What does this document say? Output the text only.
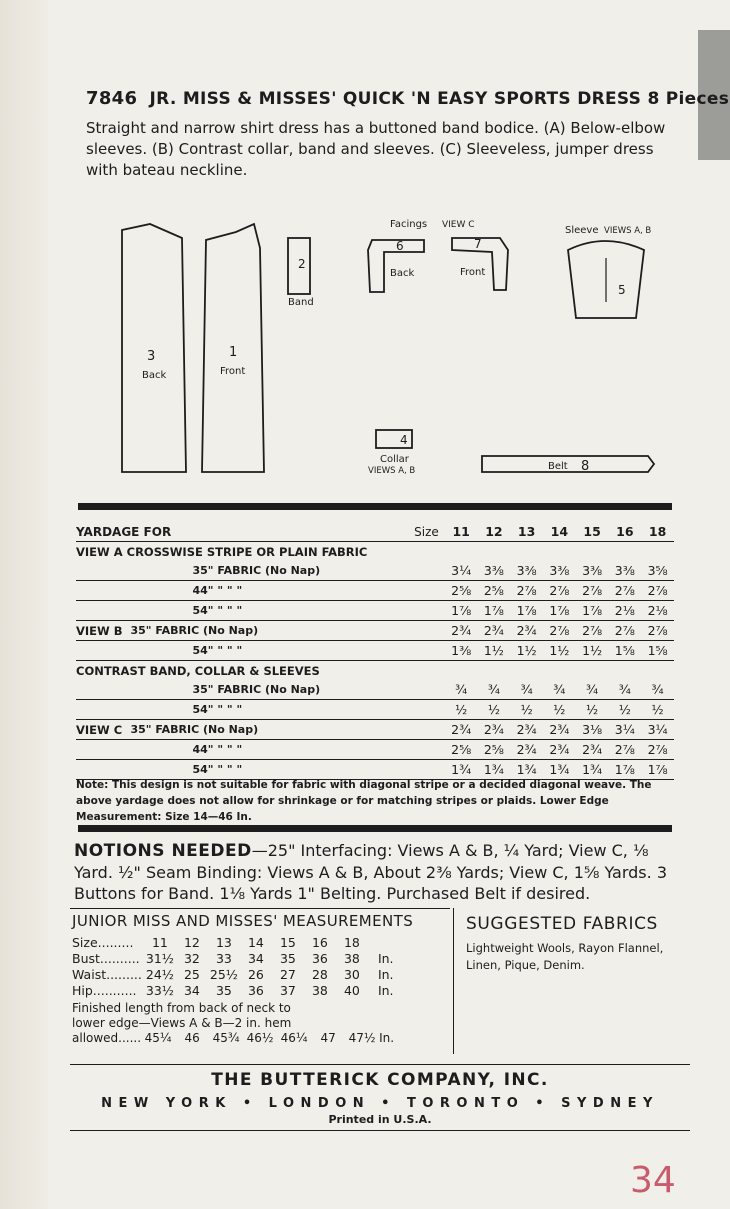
7846 JR. MISS & MISSES' QUICK 'N EASY SPORTS DRESS 8 Pieces
Straight and narrow shirt dress has a buttoned band bodice. (A) Below-elbow sleeves. (B) Contrast collar, band and sleeves. (C) Sleeveless, jumper dress with bateau neckline.
3
Back
1
Front
2
Band
Facings VIEW C
6
Back
7
Front
Sleeve VIEWS A, B
5
4
Collar
VIEWS A, B	Belt 8
YARDAGE FOR Size		11	12	13	14	15	16	18
VIEW A CROSSWISE STRIPE OR PLAIN FABRIC								
	35" FABRIC (No Nap)	3¼	3⅜	3⅜	3⅜	3⅜	3⅜	3⅝
	44" " " "	2⅝	2⅝	2⅞	2⅞	2⅞	2⅞	2⅞
	54" " " "	1⅞	1⅞	1⅞	1⅞	1⅞	2⅛	2⅛
VIEW B	35" FABRIC (No Nap)	2¾	2¾	2¾	2⅞	2⅞	2⅞	2⅞
	54" " " "	1⅜	1½	1½	1½	1½	1⅝	1⅝
CONTRAST BAND, COLLAR & SLEEVES								
	35" FABRIC (No Nap)	¾	¾	¾	¾	¾	¾	¾
	54" " " "	½	½	½	½	½	½	½
VIEW C	35" FABRIC (No Nap)	2¾	2¾	2¾	2¾	3⅛	3¼	3¼
	44" " " "	2⅝	2⅝	2¾	2¾	2¾	2⅞	2⅞
	54" " " "	1¾	1¾	1¾	1¾	1¾	1⅞	1⅞
Note: This design is not suitable for fabric with diagonal stripe or a decided diagonal weave. The above yardage does not allow for shrinkage or for matching stripes or plaids. Lower Edge Measurement: Size 14—46 In.
NOTIONS NEEDED—25" Interfacing: Views A & B, ¼ Yard; View C, ⅛ Yard. ½" Seam Binding: Views A & B, About 2⅜ Yards; View C, 1⅝ Yards. 3 Buttons for Band. 1⅛ Yards 1" Belting. Purchased Belt if desired.
JUNIOR MISS AND MISSES' MEASUREMENTS
Size.........	11	12	13	14	15	16	18	
Bust..........	31½	32	33	34	35	36	38	In.
Waist.........	24½	25	25½	26	27	28	30	In.
Hip...........	33½	34	35	36	37	38	40	In.
Finished length from back of neck to
lower edge—Views A & B—2 in. hem
allowed...... 45¼ 46 45¾ 46½ 46¼ 47 47½ In.
SUGGESTED FABRICS

Lightweight Wools, Rayon Flannel, Linen, Pique, Denim.

THE BUTTERICK COMPANY, INC.
NEW YORK • LONDON • TORONTO • SYDNEY
Printed in U.S.A.
34
